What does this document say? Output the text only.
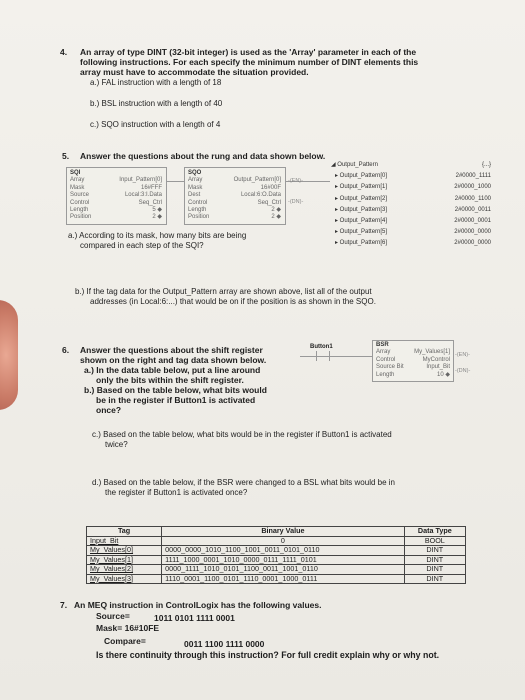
4. An array of type DINT (32-bit integer) is used as the 'Array' parameter in each of the
following instructions. For each specify the minimum number of DINT elements this
array must have to accommodate the situation provided.
a.) FAL instruction with a length of 18
b.) BSL instruction with a length of 40
c.) SQO instruction with a length of 4
5. Answer the questions about the rung and data shown below.
SQI
Array	Input_Pattern[0]
Mask	16#FFF
Source	Local:3:I.Data
Control	Seq_Ctrl
Length	5 ◆
Position	2 ◆
SQO
Array	Output_Pattern[0]
Mask	16#00F
Dest	Local:6:O.Data
Control	Seq_Ctrl
Length	2 ◆
Position	2 ◆
-(EN)-
-(DN)-
◢ Output_Pattern	{...}
▸ Output_Pattern[0]	2#0000_1111
▸ Output_Pattern[1]	2#0000_1000
▸ Output_Pattern[2]	2#0000_1100
▸ Output_Pattern[3]	2#0000_0011
▸ Output_Pattern[4]	2#0000_0001
▸ Output_Pattern[5]	2#0000_0000
▸ Output_Pattern[6]	2#0000_0000
a.) According to its mask, how many bits are being
compared in each step of the SQI?
b.) If the tag data for the Output_Pattern array are shown above, list all of the output
addresses (in Local:6:...) that would be on if the position is as shown in the SQO.
6. Answer the questions about the shift register
shown on the right and tag data shown below.
a.) In the data table below, put a line around
only the bits within the shift register.
b.) Based on the table below, what bits would
be in the register if Button1 is activated
once?
Button1	BSR
Array	My_Values[1]
Control	MyControl
Source Bit	Input_Bit
Length	10 ◆
-(EN)-
-(DN)-
c.) Based on the table below, what bits would be in the register if Button1 is activated
twice?
d.) Based on the table below, if the BSR were changed to a BSL what bits would be in
the register if Button1 is activated once?
Tag	Binary Value	Data Type
Input_Bit	0	BOOL
My_Values[0]	0000_0000_1010_1100_1001_0011_0101_0110	DINT
My_Values[1]	1111_1000_0001_1010_0000_0111_1111_0101	DINT
My_Values[2]	0000_1111_1010_0101_1100_0011_1001_0110	DINT
My_Values[3]	1110_0001_1100_0101_1110_0001_1000_0111	DINT
7. An MEQ instruction in ControlLogix has the following values.
Source=	1011 0101 1111 0001
Mask= 16#10FE
Compare=	0011 1100 1111 0000
Is there continuity through this instruction? For full credit explain why or why not.
